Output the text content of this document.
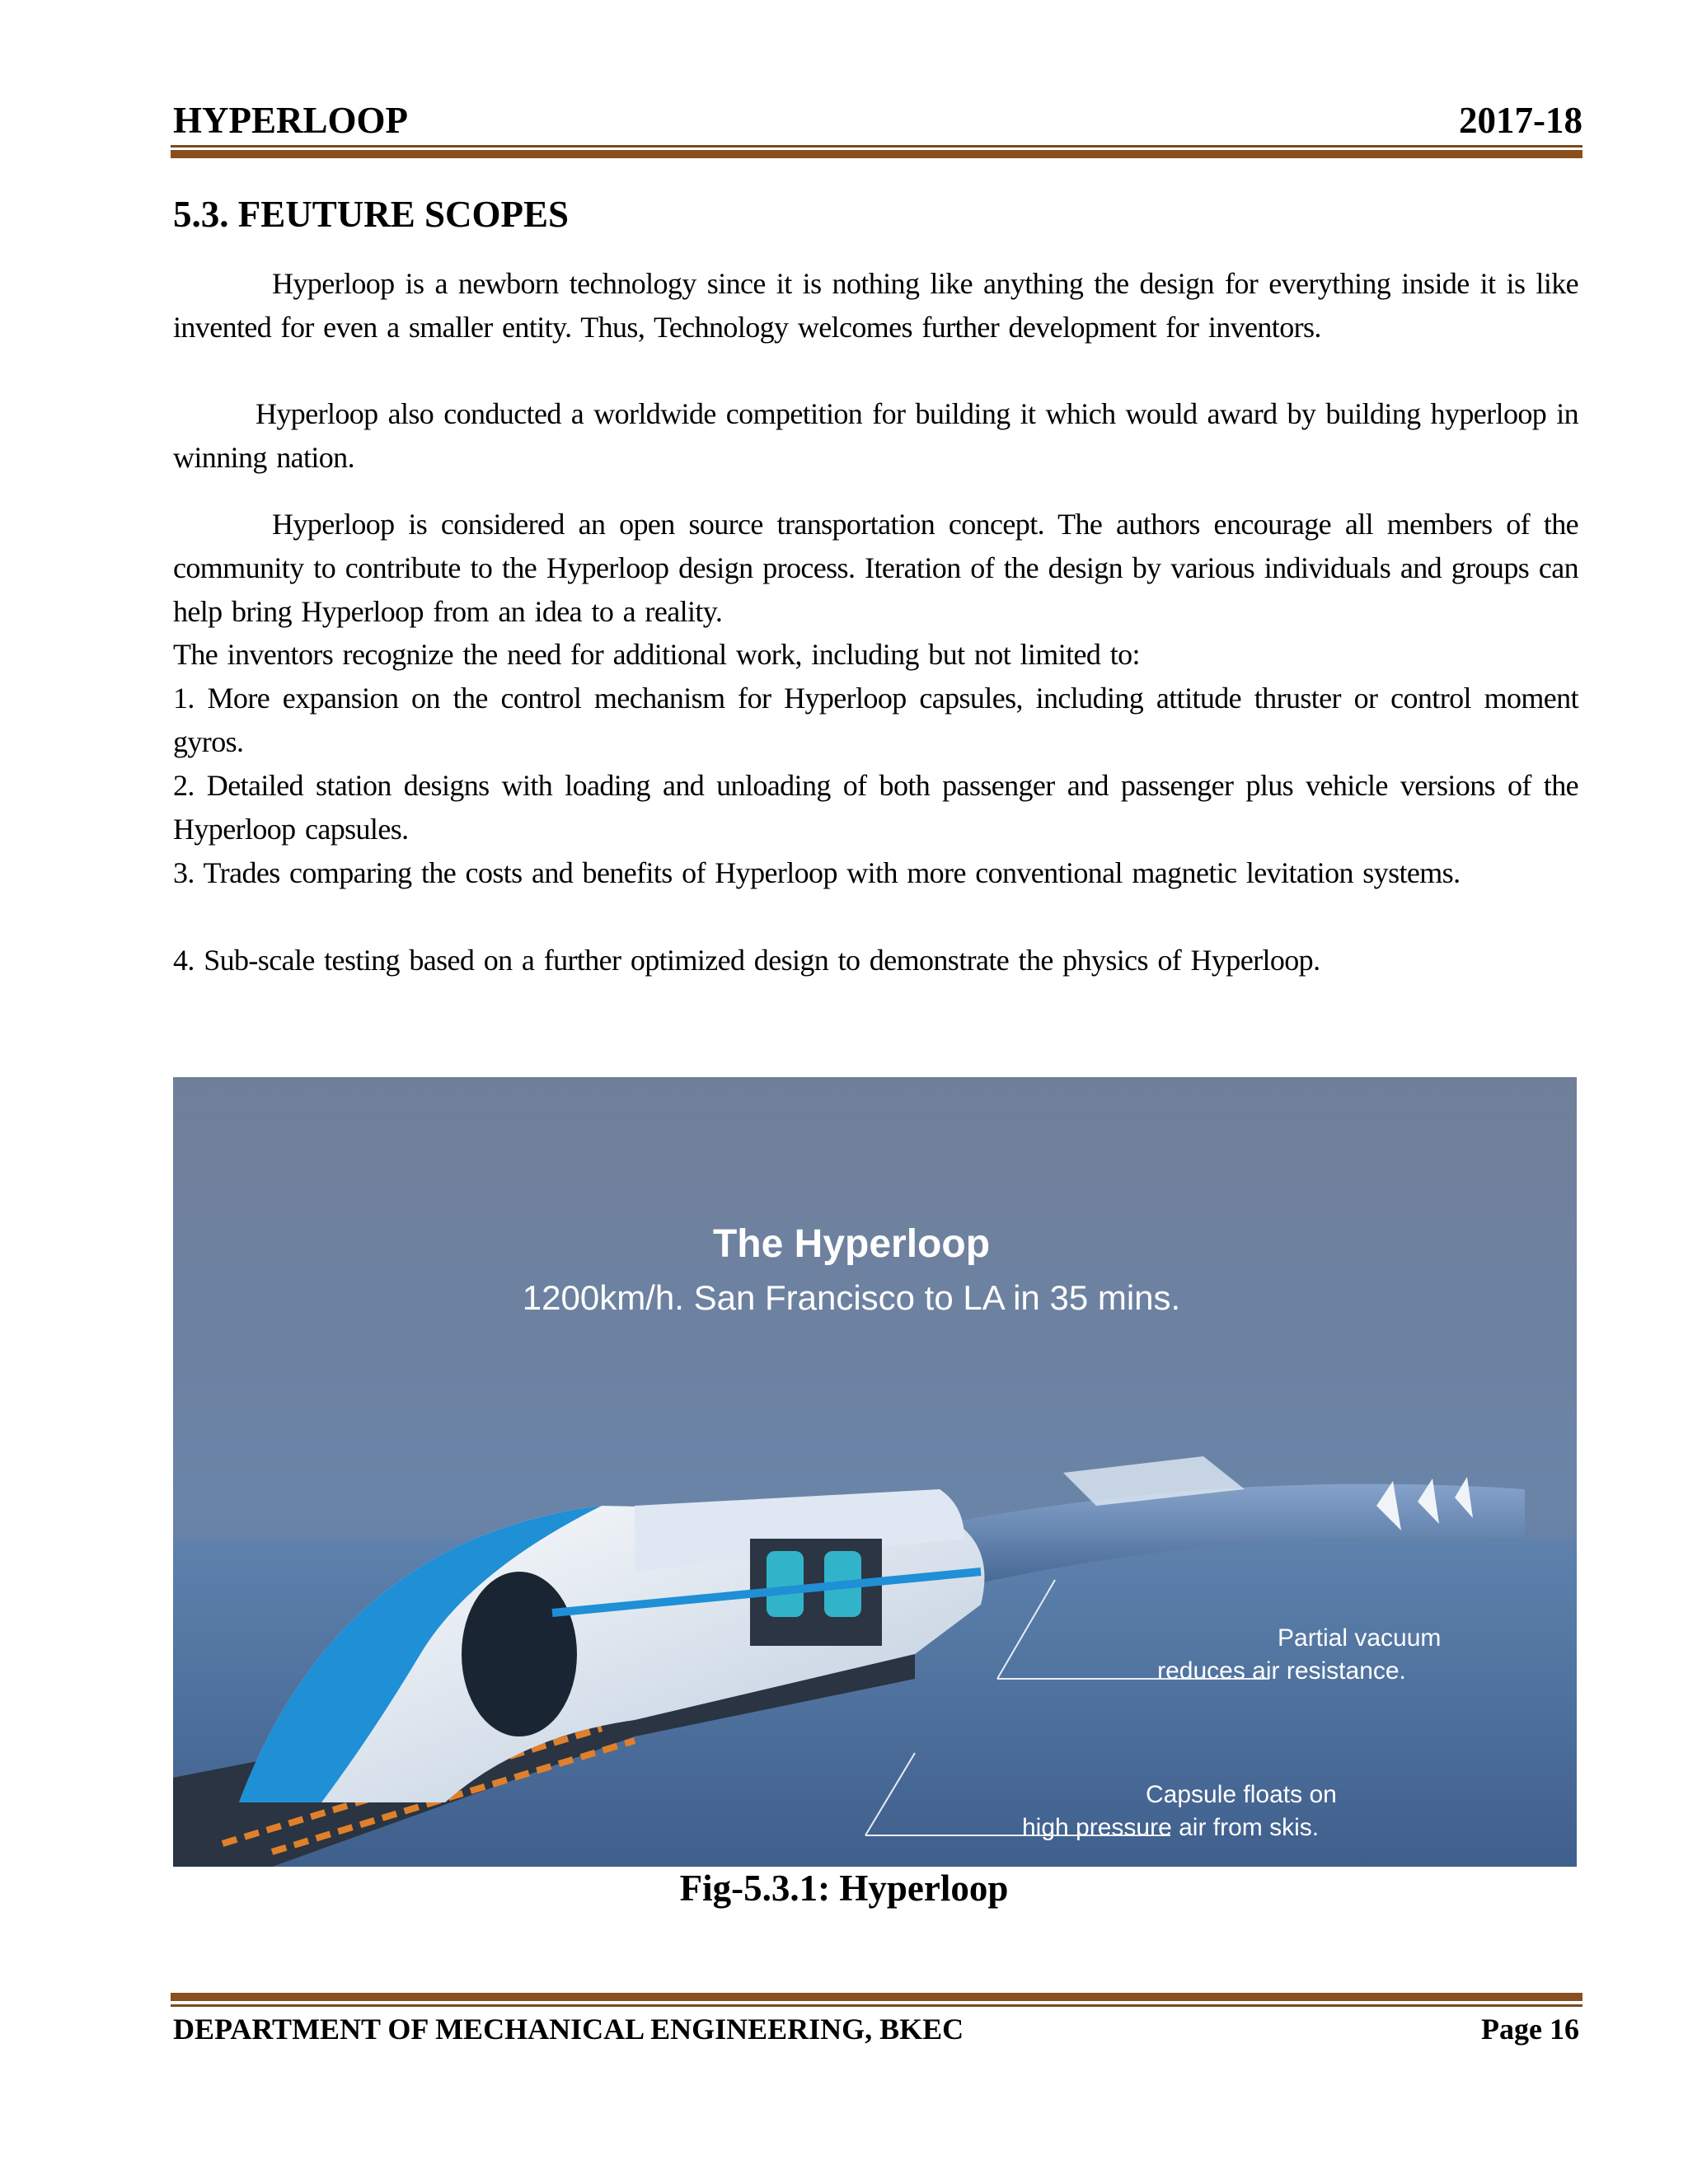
HYPERLOOP	2017-18
5.3. FEUTURE SCOPES
Hyperloop is a newborn technology since it is nothing like anything the design for everything inside it is like invented for even a smaller entity. Thus, Technology welcomes further development for inventors.
Hyperloop also conducted a worldwide competition for building it which would award by building hyperloop in winning nation.
Hyperloop is considered an open source transportation concept. The authors encourage all members of the community to contribute to the Hyperloop design process. Iteration of the design by various individuals and groups can help bring Hyperloop from an idea to a reality.
The inventors recognize the need for additional work, including but not limited to:
1. More expansion on the control mechanism for Hyperloop capsules, including attitude thruster or control moment gyros.
2. Detailed station designs with loading and unloading of both passenger and passenger plus vehicle versions of the Hyperloop capsules.
3. Trades comparing the costs and benefits of Hyperloop with more conventional magnetic levitation systems.
4. Sub-scale testing based on a further optimized design to demonstrate the physics of Hyperloop.
The Hyperloop
1200km/h. San Francisco to LA in 35 mins.
Partial vacuum
reduces air resistance.
Capsule floats on
high pressure air from skis.
Fig-5.3.1: Hyperloop
DEPARTMENT OF MECHANICAL ENGINEERING, BKEC	Page 16
